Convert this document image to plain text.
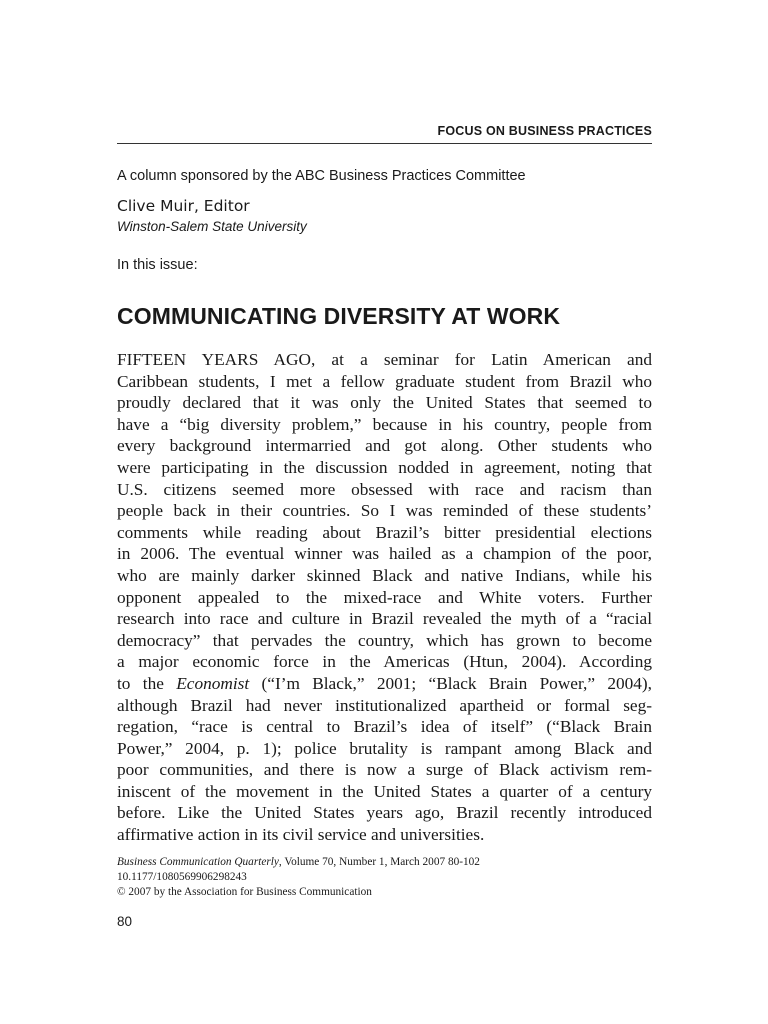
FOCUS ON BUSINESS PRACTICES
A column sponsored by the ABC Business Practices Committee
Clive Muir, Editor
Winston-Salem State University
In this issue:
COMMUNICATING DIVERSITY AT WORK
FIFTEEN YEARS AGO, at a seminar for Latin American and
Caribbean students, I met a fellow graduate student from Brazil who
proudly declared that it was only the United States that seemed to
have a “big diversity problem,” because in his country, people from
every background intermarried and got along. Other students who
were participating in the discussion nodded in agreement, noting that
U.S. citizens seemed more obsessed with race and racism than
people back in their countries. So I was reminded of these students’
comments while reading about Brazil’s bitter presidential elections
in 2006. The eventual winner was hailed as a champion of the poor,
who are mainly darker skinned Black and native Indians, while his
opponent appealed to the mixed-race and White voters. Further
research into race and culture in Brazil revealed the myth of a “racial
democracy” that pervades the country, which has grown to become
a major economic force in the Americas (Htun, 2004). According
to the Economist (“I’m Black,” 2001; “Black Brain Power,” 2004),
although Brazil had never institutionalized apartheid or formal seg-
regation, “race is central to Brazil’s idea of itself” (“Black Brain
Power,” 2004, p. 1); police brutality is rampant among Black and
poor communities, and there is now a surge of Black activism rem-
iniscent of the movement in the United States a quarter of a century
before. Like the United States years ago, Brazil recently introduced
affirmative action in its civil service and universities.
Business Communication Quarterly, Volume 70, Number 1, March 2007 80-102
10.1177/1080569906298243
© 2007 by the Association for Business Communication
80
